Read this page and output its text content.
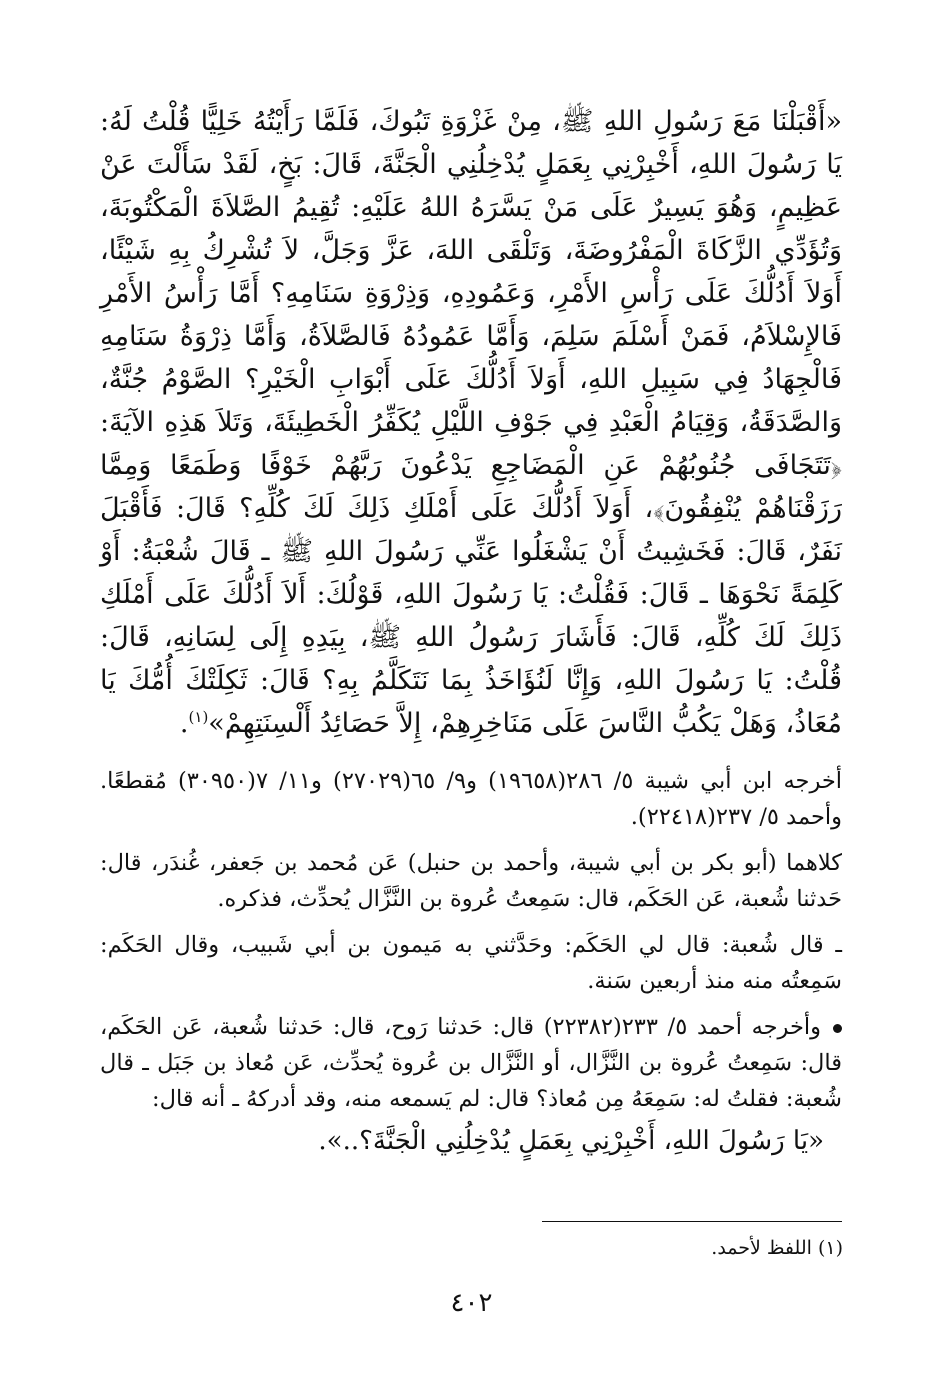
«أَقْبَلْنَا مَعَ رَسُولِ اللهِ ﷺ، مِنْ غَزْوَةِ تَبُوكَ، فَلَمَّا رَأَيْتُهُ خَلِيًّا قُلْتُ لَهُ: يَا رَسُولَ اللهِ، أَخْبِرْنِي بِعَمَلٍ يُدْخِلُنِي الْجَنَّةَ، قَالَ: بَخٍ، لَقَدْ سَأَلْتَ عَنْ عَظِيمٍ، وَهُوَ يَسِيرٌ عَلَى مَنْ يَسَّرَهُ اللهُ عَلَيْهِ: تُقِيمُ الصَّلاَةَ الْمَكْتُوبَةَ، وَتُؤَدِّي الزَّكَاةَ الْمَفْرُوضَةَ، وَتَلْقَى اللهَ، عَزَّ وَجَلَّ، لاَ تُشْرِكُ بِهِ شَيْئًا، أَوَلاَ أَدُلُّكَ عَلَى رَأْسِ الأَمْرِ، وَعَمُودِهِ، وَذِرْوَةِ سَنَامِهِ؟ أَمَّا رَأْسُ الأَمْرِ فَالإِسْلاَمُ، فَمَنْ أَسْلَمَ سَلِمَ، وَأَمَّا عَمُودُهُ فَالصَّلاَةُ، وَأَمَّا ذِرْوَةُ سَنَامِهِ فَالْجِهَادُ فِي سَبِيلِ اللهِ، أَوَلاَ أَدُلُّكَ عَلَى أَبْوَابِ الْخَيْرِ؟ الصَّوْمُ جُنَّةٌ، وَالصَّدَقَةُ، وَقِيَامُ الْعَبْدِ فِي جَوْفِ اللَّيْلِ يُكَفِّرُ الْخَطِيئَةَ، وَتَلاَ هَذِهِ الآيَةَ: ﴿تَتَجَافَى جُنُوبُهُمْ عَنِ الْمَضَاجِعِ يَدْعُونَ رَبَّهُمْ خَوْفًا وَطَمَعًا وَمِمَّا رَزَقْنَاهُمْ يُنْفِقُونَ﴾، أَوَلاَ أَدُلُّكَ عَلَى أَمْلَكِ ذَلِكَ لَكَ كُلِّهِ؟ قَالَ: فَأَقْبَلَ نَفَرٌ، قَالَ: فَخَشِيتُ أَنْ يَشْغَلُوا عَنِّي رَسُولَ اللهِ ﷺ ـ قَالَ شُعْبَةُ: أَوْ كَلِمَةً نَحْوَهَا ـ قَالَ: فَقُلْتُ: يَا رَسُولَ اللهِ، قَوْلُكَ: أَلاَ أَدُلُّكَ عَلَى أَمْلَكِ ذَلِكَ لَكَ كُلِّهِ، قَالَ: فَأَشَارَ رَسُولُ اللهِ ﷺ، بِيَدِهِ إِلَى لِسَانِهِ، قَالَ: قُلْتُ: يَا رَسُولَ اللهِ، وَإِنَّا لَنُؤَاخَذُ بِمَا نَتَكَلَّمُ بِهِ؟ قَالَ: ثَكِلَتْكَ أُمُّكَ يَا مُعَاذُ، وَهَلْ يَكُبُّ النَّاسَ عَلَى مَنَاخِرِهِمْ، إِلاَّ حَصَائِدُ أَلْسِنَتِهِمْ»$^{(١)}$.

أخرجه ابن أبي شيبة ٥/ ٢٨٦(١٩٦٥٨) و٩/ ٦٥(٢٧٠٢٩) و١١/ ٧(٣٠٩٥٠) مُقطعًا. وأحمد ٥/ ٢٣٧(٢٢٤١٨).

كلاهما (أبو بكر بن أبي شيبة، وأحمد بن حنبل) عَن مُحمد بن جَعفر، غُندَر، قال: حَدثنا شُعبة، عَن الحَكَم، قال: سَمِعتُ عُروة بن النَّزَّال يُحدِّث، فذكره.

ـ قال شُعبة: قال لي الحَكَم: وحَدَّثني به مَيمون بن أبي شَبيب، وقال الحَكَم: سَمِعتُه منه منذ أربعين سَنة.

وأخرجه أحمد ٥/ ٢٣٣(٢٢٣٨٢) قال: حَدثنا رَوح، قال: حَدثنا شُعبة، عَن الحَكَم، قال: سَمِعتُ عُروة بن النَّزَّال، أو النَّزَّال بن عُروة يُحدِّث، عَن مُعاذ بن جَبَل ـ قال شُعبة: فقلتُ له: سَمِعَهُ مِن مُعاذ؟ قال: لم يَسمعه منه، وقد أدركهُ ـ أنه قال:

«يَا رَسُولَ اللهِ، أَخْبِرْنِي بِعَمَلٍ يُدْخِلُنِي الْجَنَّةَ؟..».

(١) اللفظ لأحمد.

٤٠٢
